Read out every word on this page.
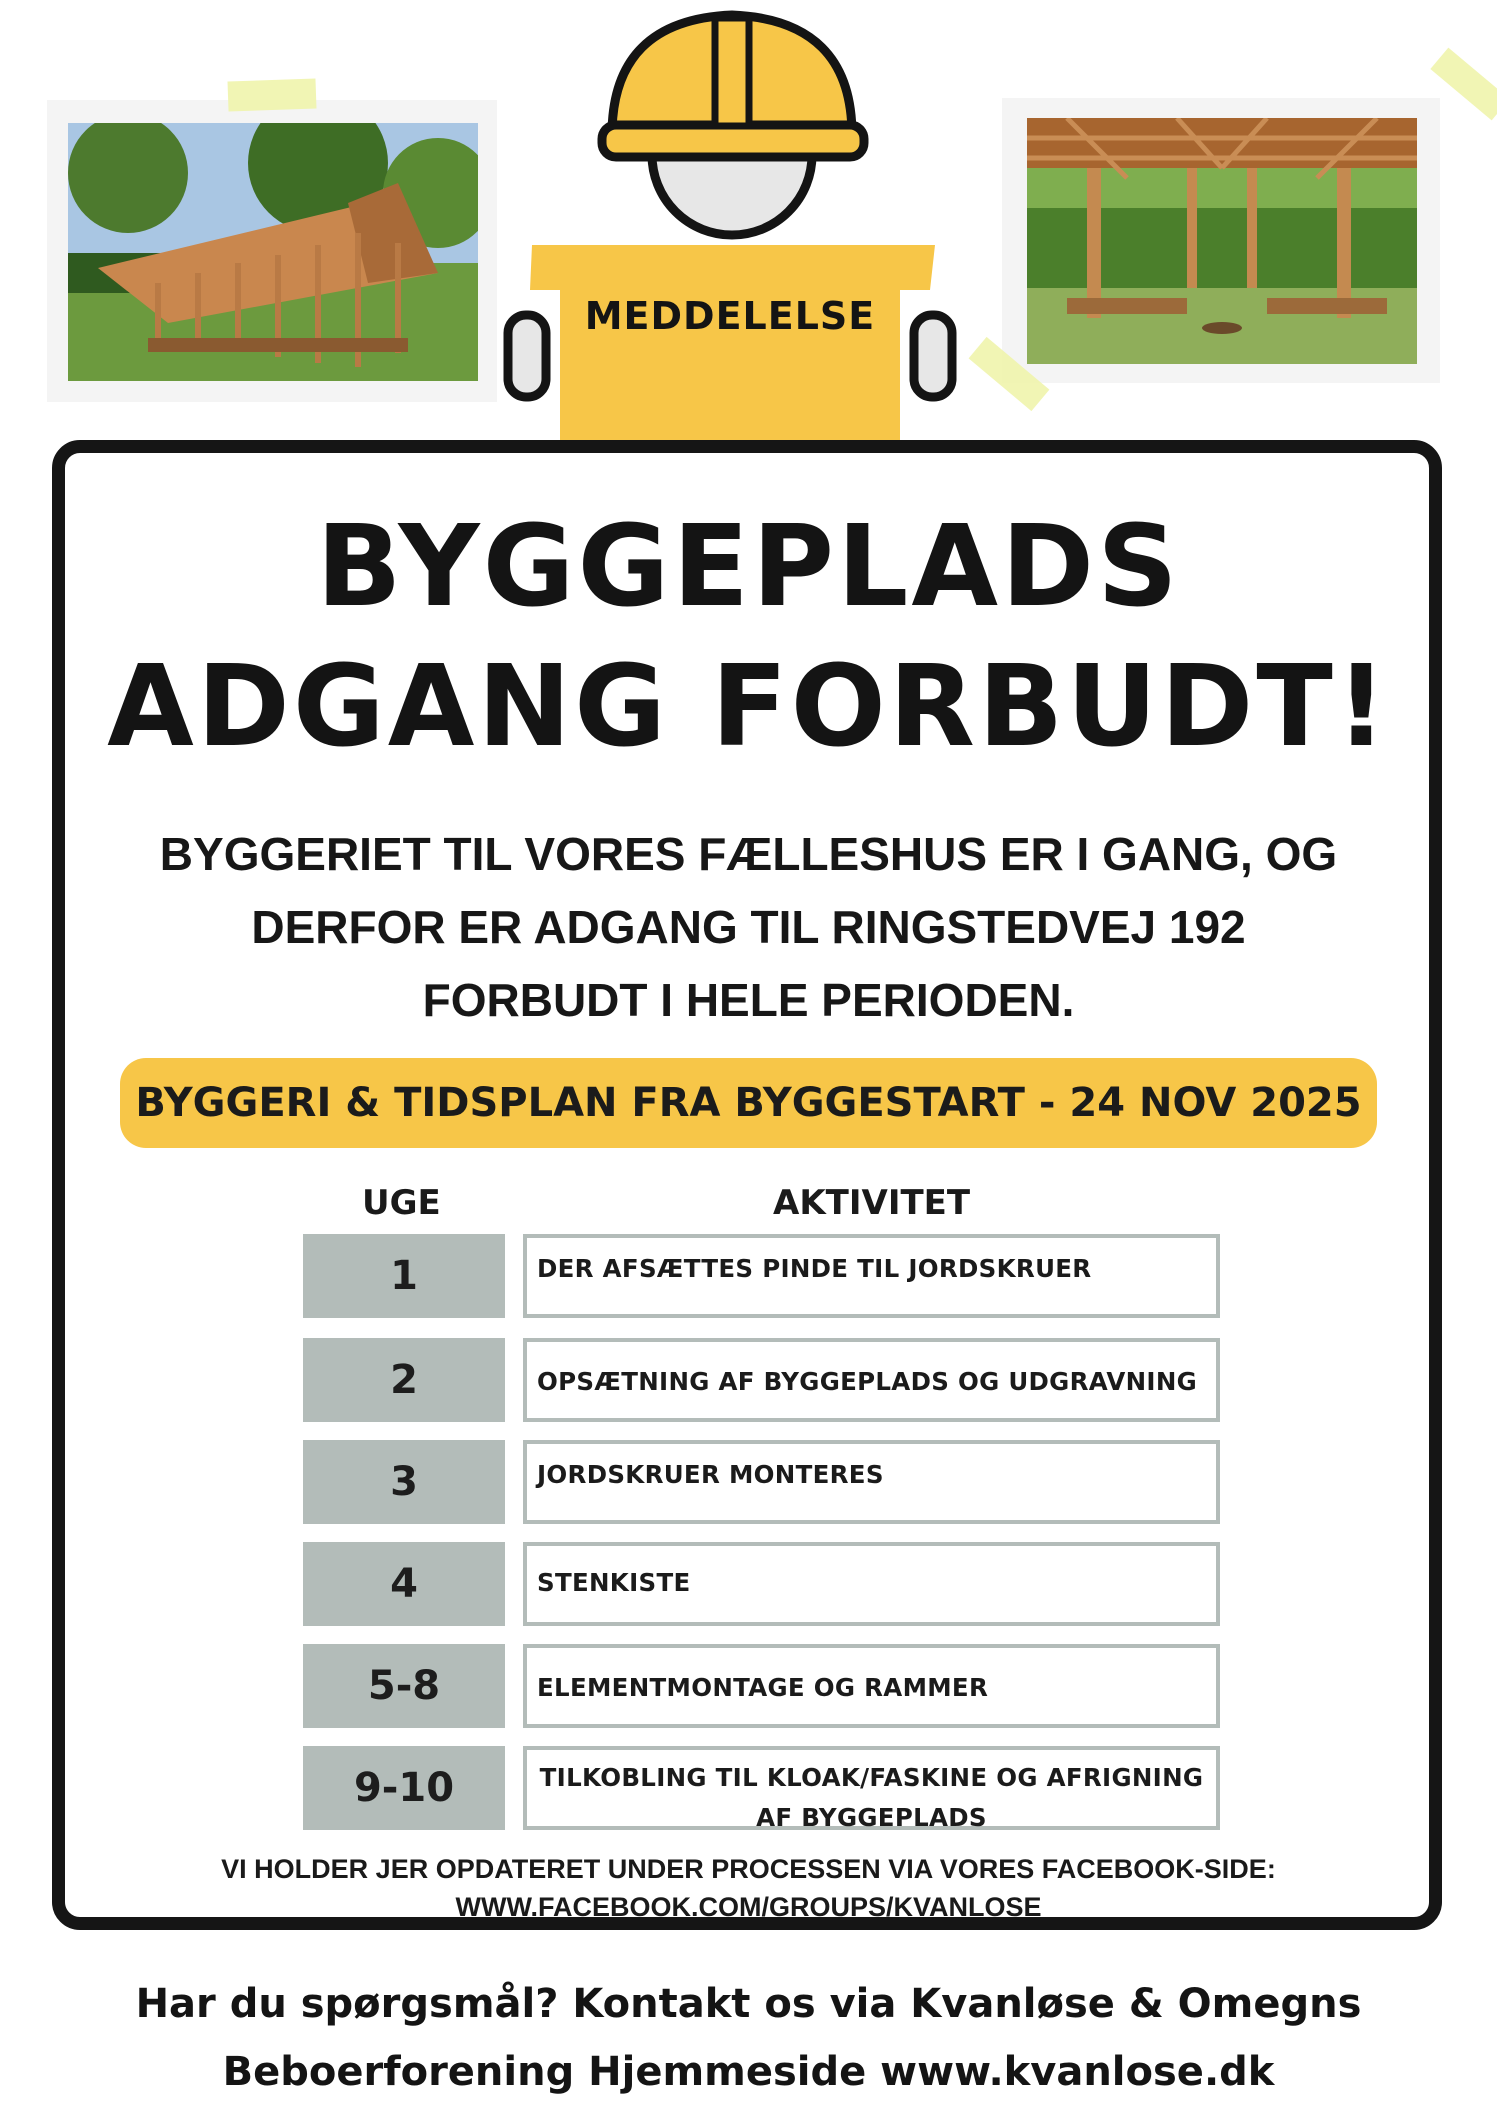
MEDDELELSE
BYGGEPLADS
ADGANG FORBUDT!
BYGGERIET TIL VORES FÆLLESHUS ER I GANG, OG
DERFOR ER ADGANG TIL RINGSTEDVEJ 192
FORBUDT I HELE PERIODEN.
BYGGERI & TIDSPLAN FRA BYGGESTART - 24 NOV 2025
UGE	AKTIVITET
1	DER AFSÆTTES PINDE TIL JORDSKRUER
2	OPSÆTNING AF BYGGEPLADS OG UDGRAVNING
3	JORDSKRUER MONTERES
4	STENKISTE
5-8	ELEMENTMONTAGE OG RAMMER
9-10	TILKOBLING TIL KLOAK/FASKINE OG AFRIGNING
AF BYGGEPLADS
VI HOLDER JER OPDATERET UNDER PROCESSEN VIA VORES FACEBOOK-SIDE:
WWW.FACEBOOK.COM/GROUPS/KVANLOSE
Har du spørgsmål? Kontakt os via Kvanløse & Omegns
Beboerforening Hjemmeside www.kvanlose.dk
